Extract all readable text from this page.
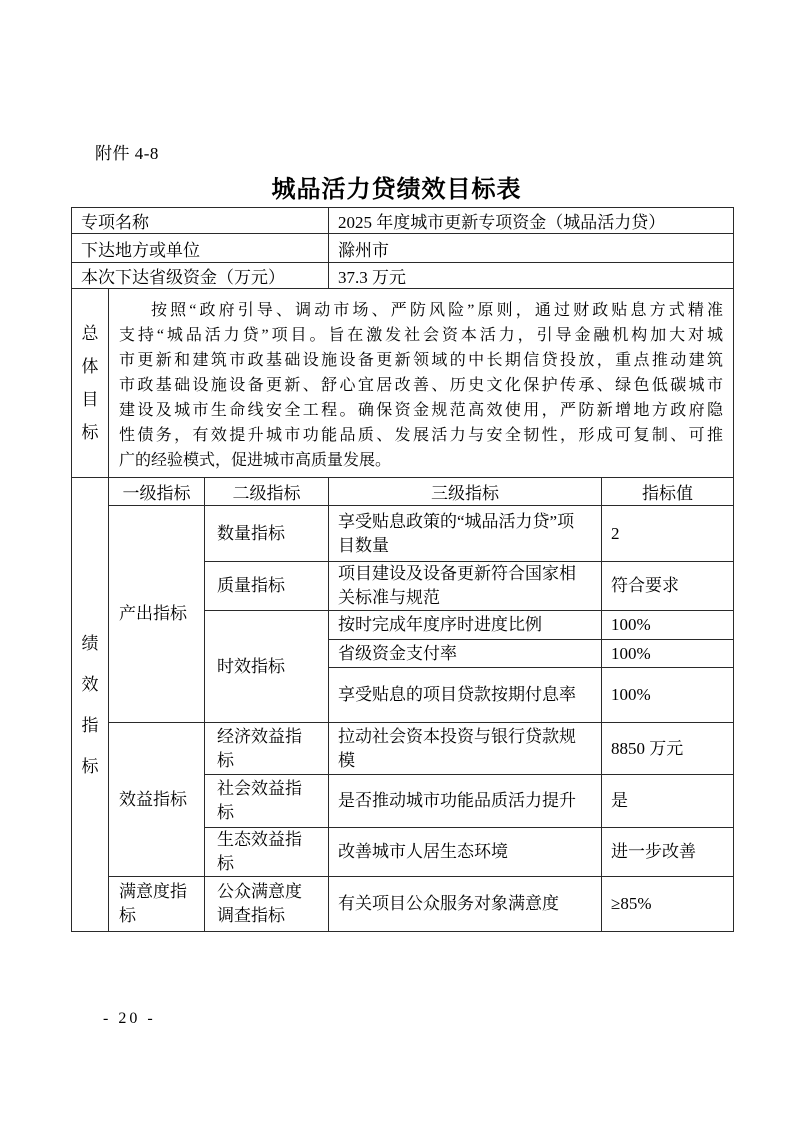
附件 4-8
城品活力贷绩效目标表
专项名称			2025 年度城市更新专项资金（城品活力贷）	
下达地方或单位			滁州市	
本次下达省级资金（万元）			37.3 万元	

总
体
目
标

按照“政府引导、调动市场、严防风险”原则，通过财政贴息方式精准
支持“城品活力贷”项目。旨在激发社会资本活力，引导金融机构加大对城
市更新和建筑市政基础设施设备更新领域的中长期信贷投放，重点推动建筑
市政基础设施设备更新、舒心宜居改善、历史文化保护传承、绿色低碳城市
建设及城市生命线安全工程。确保资金规范高效使用，严防新增地方政府隐
性债务，有效提升城市功能品质、发展活力与安全韧性，形成可复制、可推
广的经验模式，促进城市高质量发展。

绩
效
指
标	一级指标	二级指标	三级指标	指标值
	产出指标	数量指标	享受贴息政策的“城品活力贷”项目数量	2
		质量指标	项目建设及设备更新符合国家相关标准与规范	符合要求
		时效指标	按时完成年度序时进度比例	100%
			省级资金支付率	100%
			享受贴息的项目贷款按期付息率	100%
	效益指标	经济效益指标	拉动社会资本投资与银行贷款规模	8850 万元
		社会效益指标	是否推动城市功能品质活力提升	是
		生态效益指标	改善城市人居生态环境	进一步改善
	满意度指标	公众满意度调查指标	有关项目公众服务对象满意度	≥85%
- 20 -
